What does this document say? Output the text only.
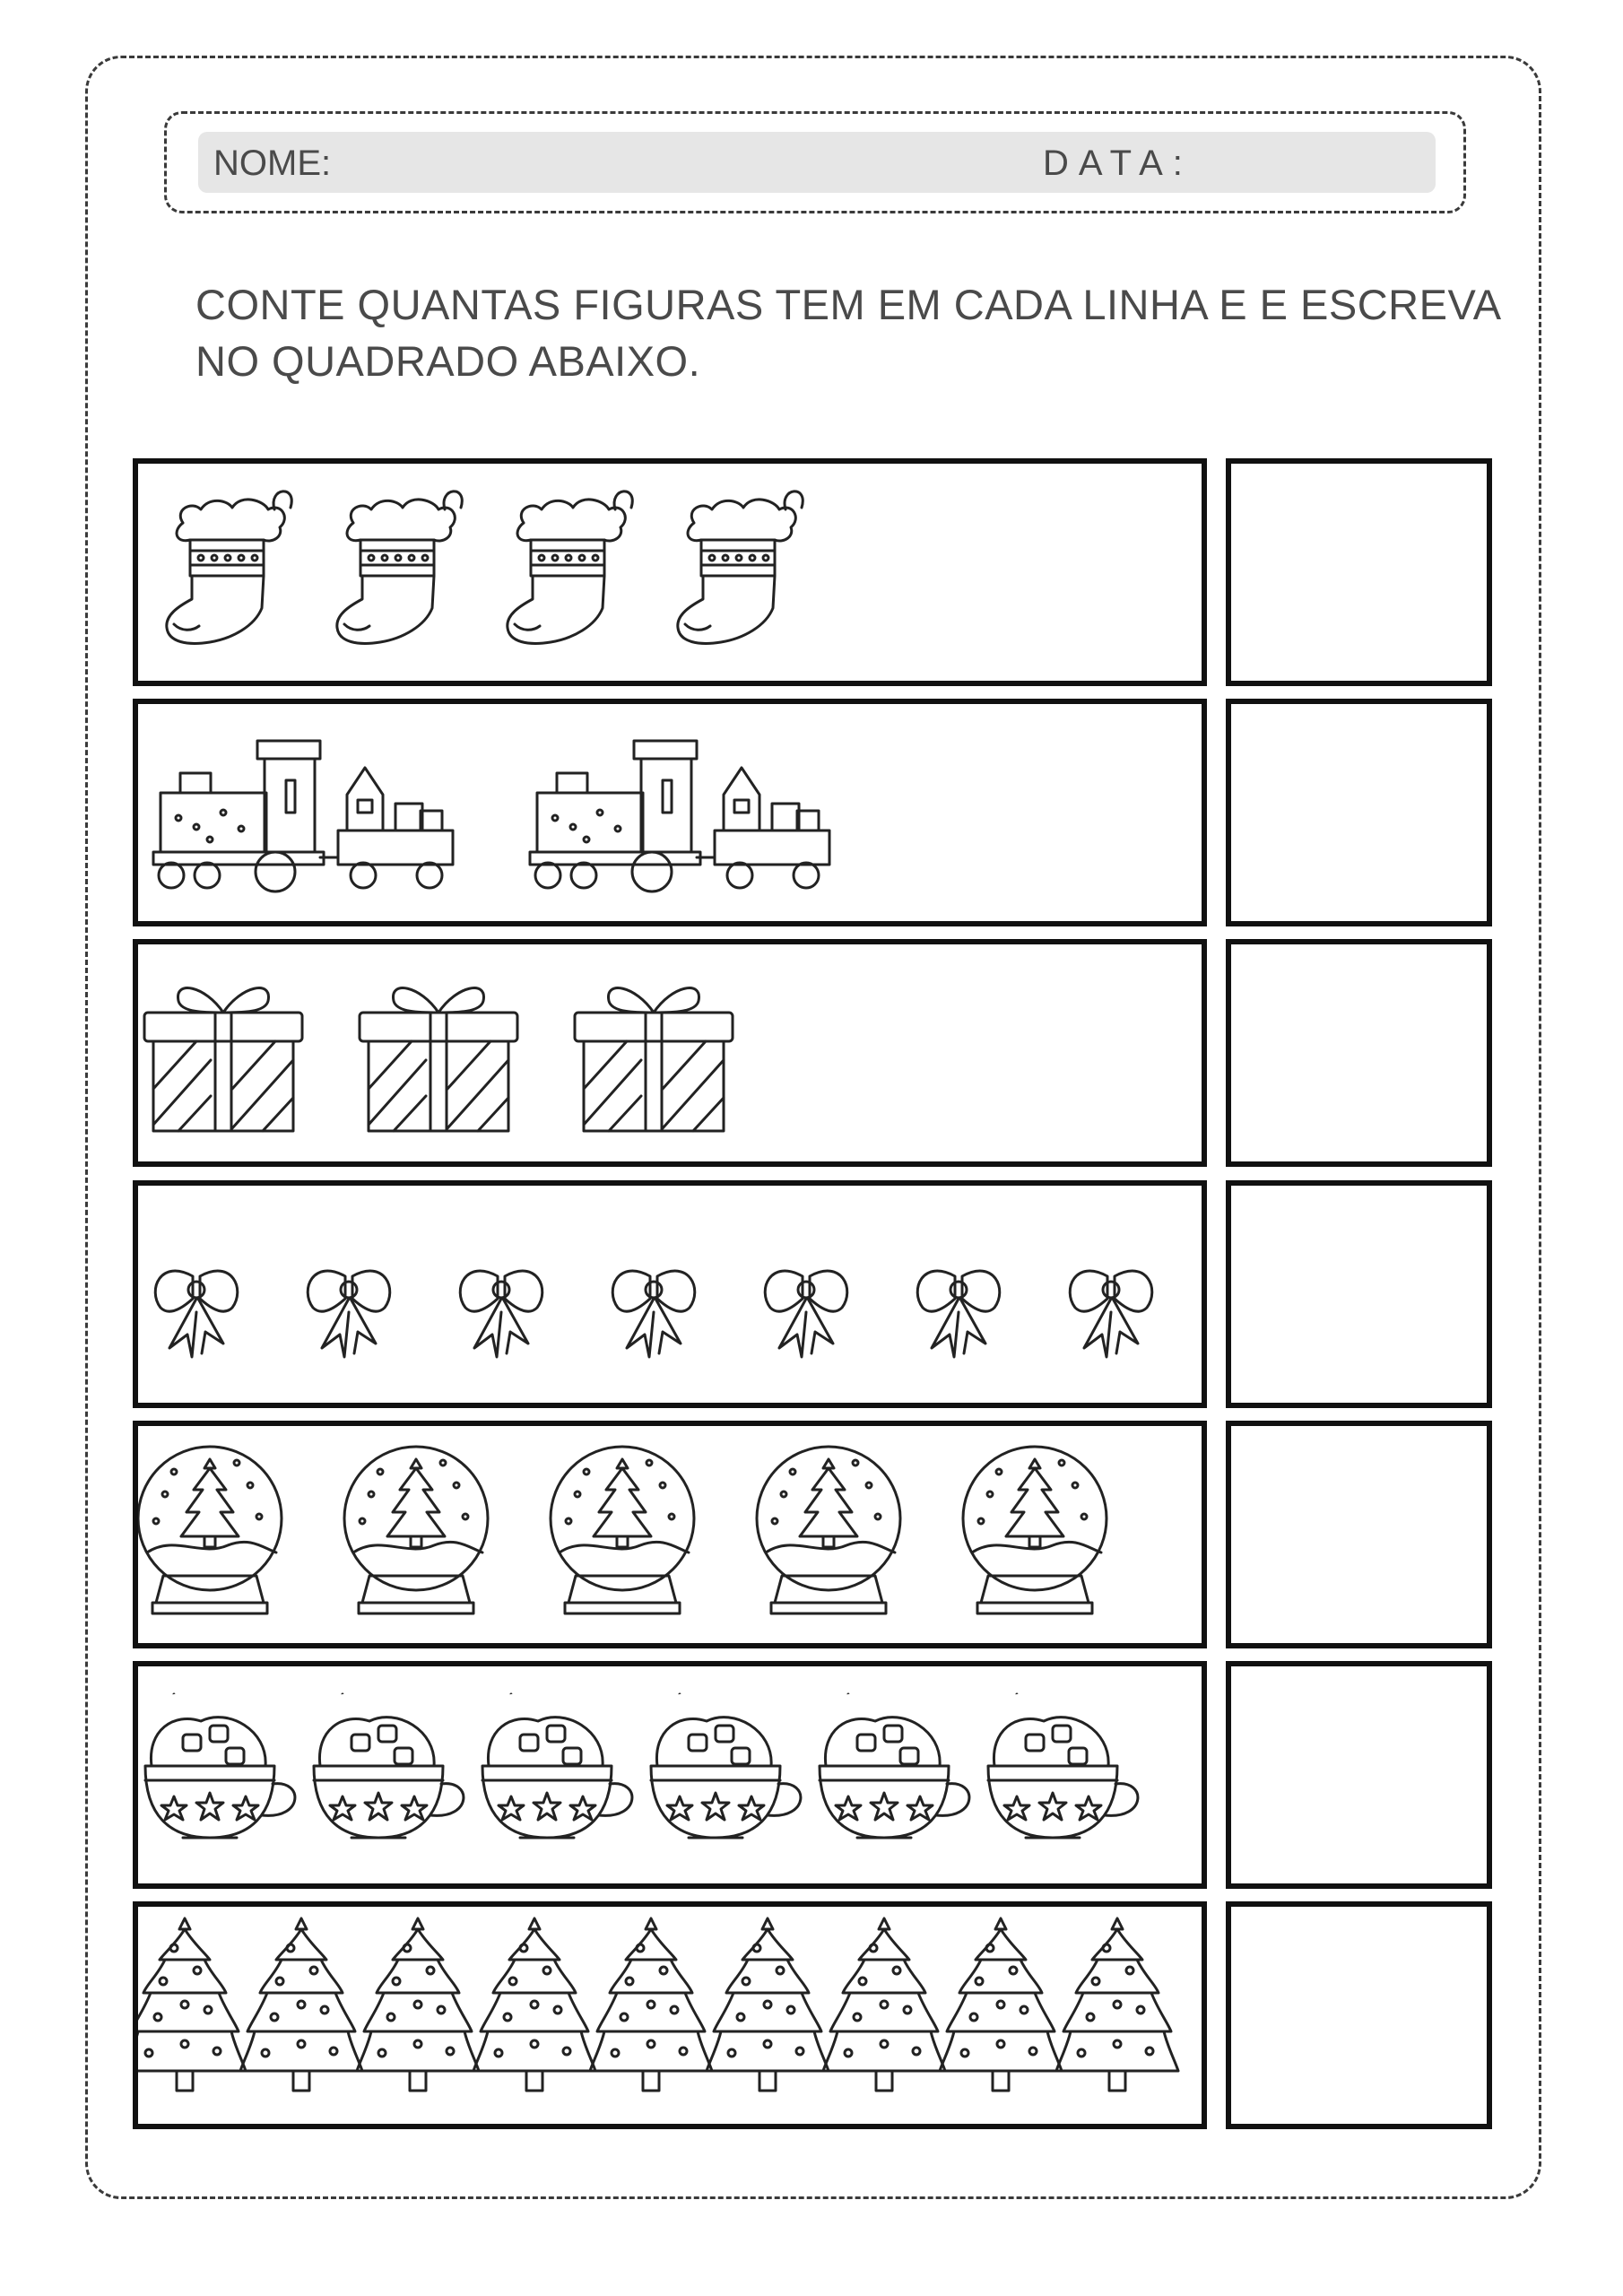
NOME:	DATA:

CONTE QUANTAS FIGURAS TEM EM CADA LINHA E E ESCREVA NO QUADRADO ABAIXO.
